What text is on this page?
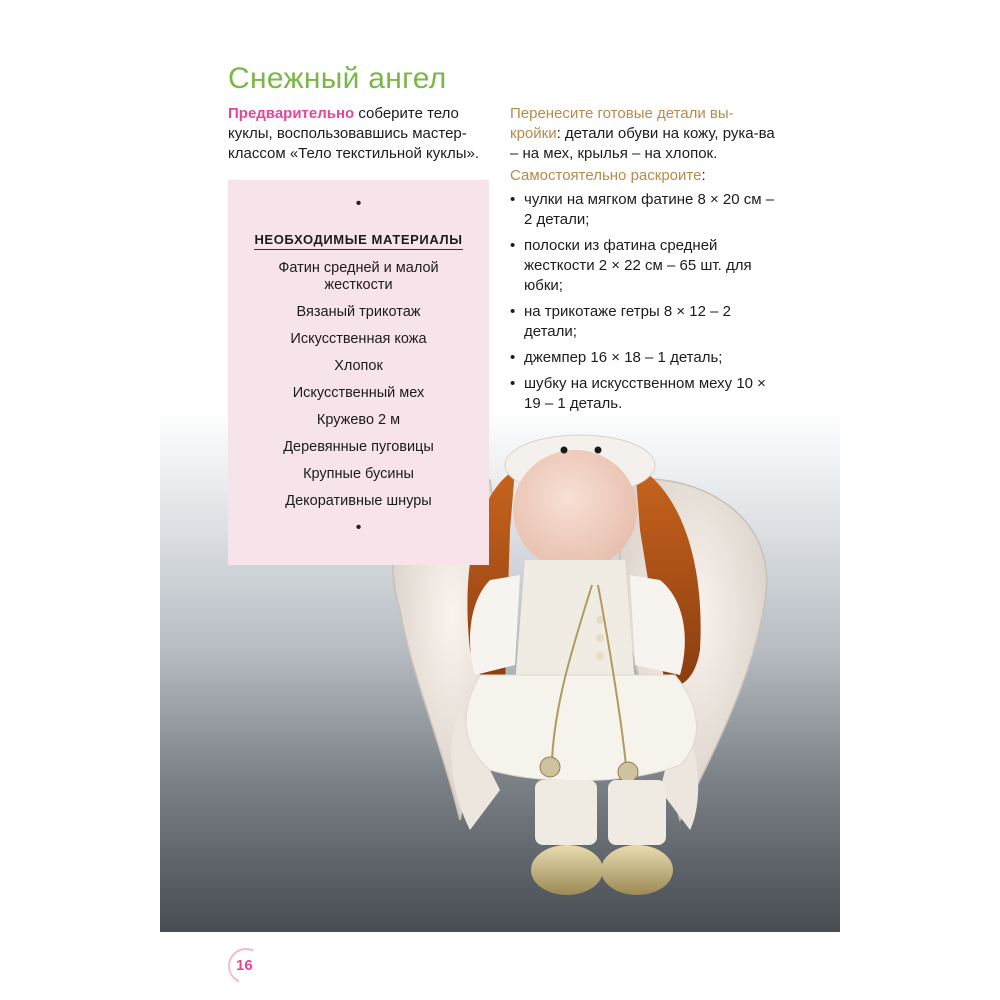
Снежный ангел

Предварительно соберите тело куклы, воспользовавшись мастер-классом «Тело текстильной куклы».

•
НЕОБХОДИМЫЕ МАТЕРИАЛЫ
Фатин средней и малой жесткости
Вязаный трикотаж
Искусственная кожа
Хлопок
Искусственный мех
Кружево 2 м
Деревянные пуговицы
Крупные бусины
Декоративные шнуры
•

Перенесите готовые детали вы-кройки: детали обуви на кожу, рука-ва – на мех, крылья – на хлопок.

Самостоятельно раскроите:

• чулки на мягком фатине 8 × 20 см – 2 детали;
• полоски из фатина средней жесткости 2 × 22 см – 65 шт. для юбки;
• на трикотаже гетры 8 × 12 – 2 детали;
• джемпер 16 × 18 – 1 деталь;
• шубку на искусственном меху 10 × 19 – 1 деталь.
16
